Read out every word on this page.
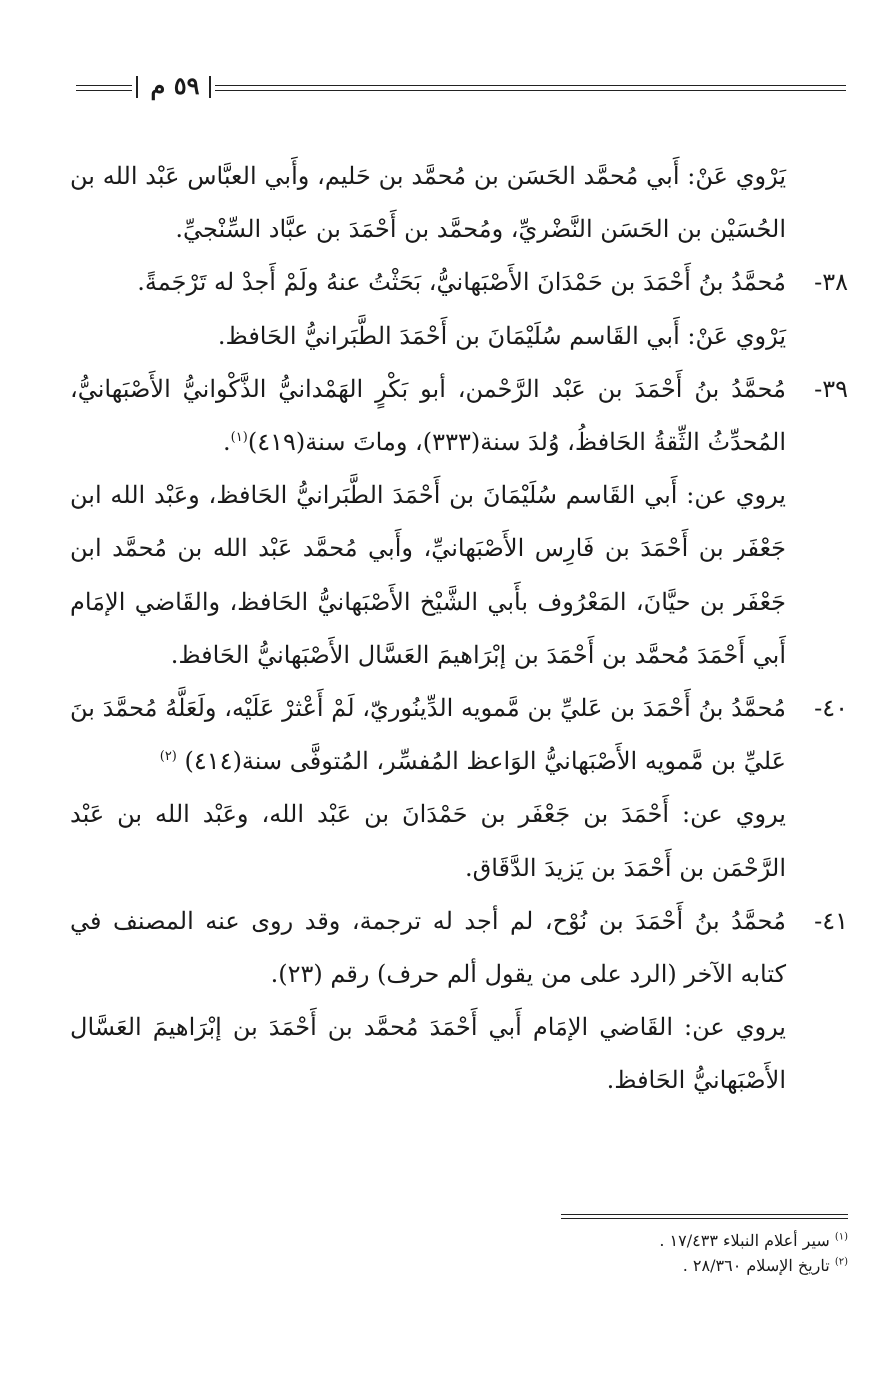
٥٩ م

يَرْوي عَنْ: أَبي مُحمَّد الحَسَن بن مُحمَّد بن حَليم، وأَبي العبَّاس عَبْد الله بن الحُسَيْن بن الحَسَن النَّضْريِّ، ومُحمَّد بن أَحْمَدَ بن عبَّاد السِّنْجيِّ.

٣٨-
مُحمَّدُ بنُ أَحْمَدَ بن حَمْدَانَ الأَصْبَهانيُّ، بَحَثْتُ عنهُ ولَمْ أَجدْ له تَرْجَمةً.

يَرْوي عَنْ: أَبي القَاسم سُلَيْمَانَ بن أَحْمَدَ الطَّبَرانيُّ الحَافظ.

٣٩-
مُحمَّدُ بنُ أَحْمَدَ بن عَبْد الرَّحْمن، أبو بَكْرٍ الهَمْدانيُّ الذَّكْوانيُّ الأَصْبَهانيُّ، المُحدِّثُ الثِّقةُ الحَافظُ، وُلدَ سنة(٣٣٣)، وماتَ سنة(٤١٩)$^{(١)}$.

يروي عن: أَبي القَاسم سُلَيْمَانَ بن أَحْمَدَ الطَّبَرانيُّ الحَافظ، وعَبْد الله ابن جَعْفَر بن أَحْمَدَ بن فَارِس الأَصْبَهانيِّ، وأَبي مُحمَّد عَبْد الله بن مُحمَّد ابن جَعْفَر بن حيَّانَ، المَعْرُوف بأَبي الشَّيْخ الأَصْبَهانيُّ الحَافظ، والقَاضي الإمَام أَبي أَحْمَدَ مُحمَّد بن أَحْمَدَ بن إبْرَاهيمَ العَسَّال الأَصْبَهانيُّ الحَافظ.

٤٠-
مُحمَّدُ بنُ أَحْمَدَ بن عَليِّ بن مَّمويه الدِّينُوريّ، لَمْ أَعْثرْ عَلَيْه، ولَعَلَّهُ مُحمَّدَ بنَ عَليِّ بن مَّمويه الأَصْبَهانيُّ الوَاعظ المُفسِّر، المُتوفَّى سنة(٤١٤) $^{(٢)}$

يروي عن: أَحْمَدَ بن جَعْفَر بن حَمْدَانَ بن عَبْد الله، وعَبْد الله بن عَبْد الرَّحْمَن بن أَحْمَدَ بن يَزيدَ الدَّقَاق.

٤١-
مُحمَّدُ بنُ أَحْمَدَ بن نُوْح، لم أجد له ترجمة، وقد روى عنه المصنف في كتابه الآخر (الرد على من يقول ألم حرف) رقم (٢٣).

يروي عن: القَاضي الإمَام أَبي أَحْمَدَ مُحمَّد بن أَحْمَدَ بن إبْرَاهيمَ العَسَّال الأَصْبَهانيُّ الحَافظ.

$^{(١)}$ سير أعلام النبلاء ١٧/٤٣٣ .

$^{(٢)}$ تاريخ الإسلام ٢٨/٣٦٠ .
